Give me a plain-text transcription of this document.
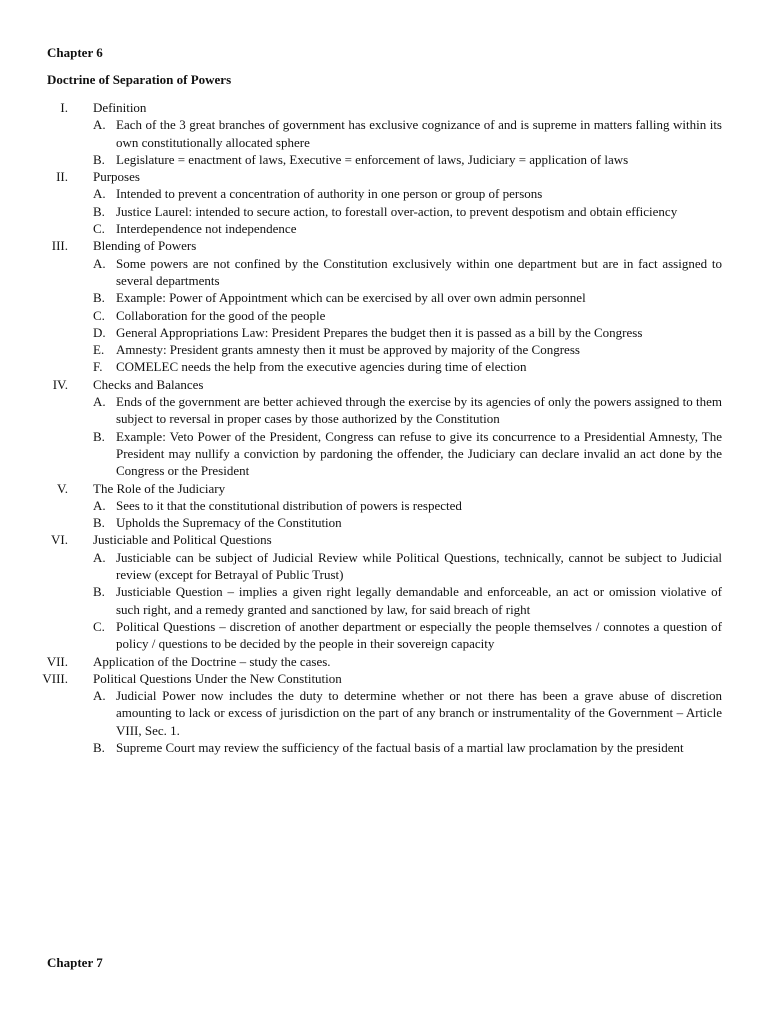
Chapter 6
Doctrine of Separation of Powers
I. Definition
A. Each of the 3 great branches of government has exclusive cognizance of and is supreme in matters falling within its own constitutionally allocated sphere
B. Legislature = enactment of laws, Executive = enforcement of laws, Judiciary = application of laws
II. Purposes
A. Intended to prevent a concentration of authority in one person or group of persons
B. Justice Laurel: intended to secure action, to forestall over-action, to prevent despotism and obtain efficiency
C. Interdependence not independence
III. Blending of Powers
A. Some powers are not confined by the Constitution exclusively within one department but are in fact assigned to several departments
B. Example: Power of Appointment which can be exercised by all over own admin personnel
C. Collaboration for the good of the people
D. General Appropriations Law: President Prepares the budget then it is passed as a bill by the Congress
E. Amnesty: President grants amnesty then it must be approved by majority of the Congress
F. COMELEC needs the help from the executive agencies during time of election
IV. Checks and Balances
A. Ends of the government are better achieved through the exercise by its agencies of only the powers assigned to them subject to reversal in proper cases by those authorized by the Constitution
B. Example: Veto Power of the President, Congress can refuse to give its concurrence to a Presidential Amnesty, The President may nullify a conviction by pardoning the offender, the Judiciary can declare invalid an act done by the Congress or the President
V. The Role of the Judiciary
A. Sees to it that the constitutional distribution of powers is respected
B. Upholds the Supremacy of the Constitution
VI. Justiciable and Political Questions
A. Justiciable can be subject of Judicial Review while Political Questions, technically, cannot be subject to Judicial review (except for Betrayal of Public Trust)
B. Justiciable Question – implies a given right legally demandable and enforceable, an act or omission violative of such right, and a remedy granted and sanctioned by law, for said breach of right
C. Political Questions – discretion of another department or especially the people themselves / connotes a question of policy / questions to be decided by the people in their sovereign capacity
VII. Application of the Doctrine – study the cases.
VIII. Political Questions Under the New Constitution
A. Judicial Power now includes the duty to determine whether or not there has been a grave abuse of discretion amounting to lack or excess of jurisdiction on the part of any branch or instrumentality of the Government – Article VIII, Sec. 1.
B. Supreme Court may review the sufficiency of the factual basis of a martial law proclamation by the president
Chapter 7
